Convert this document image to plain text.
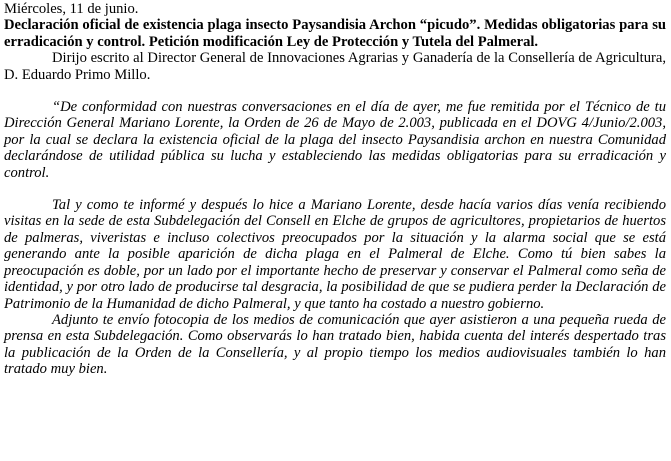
Miércoles, 11 de junio.

Declaración oficial de existencia plaga insecto Paysandisia Archon “picudo”. Medidas obligatorias para su erradicación y control. Petición modificación Ley de Protección y Tutela del Palmeral.

Dirijo escrito al Director General de Innovaciones Agrarias y Ganadería de la Consellería de Agricultura, D. Eduardo Primo Millo.

“De conformidad con nuestras conversaciones en el día de ayer, me fue remitida por el Técnico de tu Dirección General Mariano Lorente, la Orden de 26 de Mayo de 2.003, publicada en el DOVG 4/Junio/2.003, por la cual se declara la existencia oficial de la plaga del insecto Paysandisia archon en nuestra Comunidad declarándose de utilidad pública su lucha y estableciendo las medidas obligatorias para su erradicación y control.

Tal y como te informé y después lo hice a Mariano Lorente, desde hacía varios días venía recibiendo visitas en la sede de esta Subdelegación del Consell en Elche de grupos de agricultores, propietarios de huertos de palmeras, viveristas e incluso colectivos preocupados por la situación y la alarma social que se está generando ante la posible aparición de dicha plaga en el Palmeral de Elche. Como tú bien sabes la preocupación es doble, por un lado por el importante hecho de preservar y conservar el Palmeral como seña de identidad, y por otro lado de producirse tal desgracia, la posibilidad de que se pudiera perder la Declaración de Patrimonio de la Humanidad de dicho Palmeral, y que tanto ha costado a nuestro gobierno.

Adjunto te envío fotocopia de los medios de comunicación que ayer asistieron a una pequeña rueda de prensa en esta Subdelegación. Como observarás lo han tratado bien, habida cuenta del interés despertado tras la publicación de la Orden de la Consellería, y al propio tiempo los medios audiovisuales también lo han tratado muy bien.
